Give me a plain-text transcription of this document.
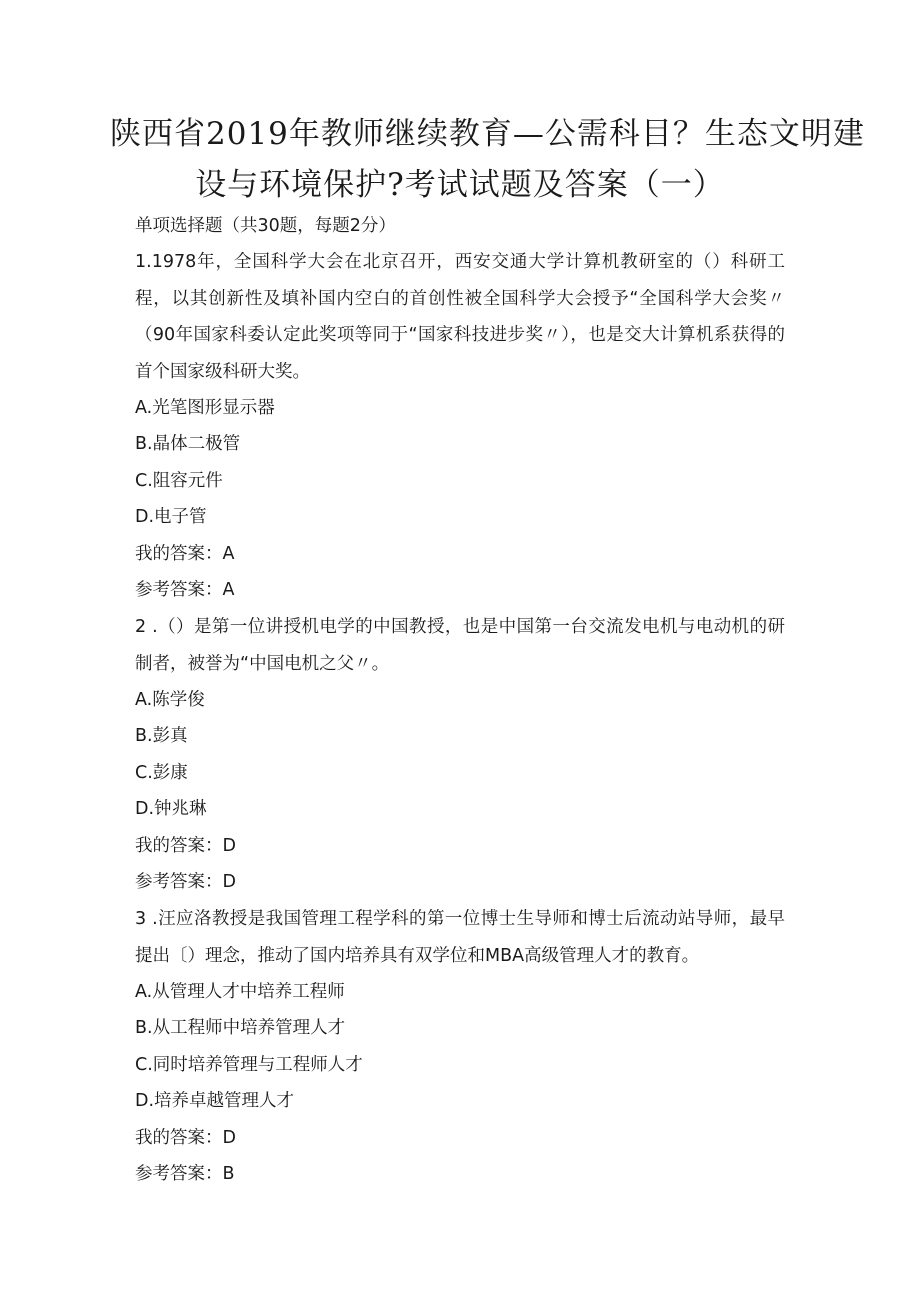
陕西省2019年教师继续教育—公需科目？生态文明建
设与环境保护?考试试题及答案（一）
单项选择题（共30题，每题2分）
1.1978年，全国科学大会在北京召开，西安交通大学计算机教研室的（）科研工程，以其创新性及填补国内空白的首创性被全国科学大会授予“全国科学大会奖〃（90年国家科委认定此奖项等同于“国家科技进步奖〃），也是交大计算机系获得的首个国家级科研大奖。
A.光笔图形显示器
B.晶体二极管
C.阻容元件
D.电子管
我的答案：A
参考答案：A
2 .（）是第一位讲授机电学的中国教授，也是中国第一台交流发电机与电动机的研制者，被誉为“中国电机之父〃。
A.陈学俊
B.彭真
C.彭康
D.钟兆琳
我的答案：D
参考答案：D
3 .汪应洛教授是我国管理工程学科的第一位博士生导师和博士后流动站导师，最早提出〔）理念，推动了国内培养具有双学位和MBA高级管理人才的教育。
A.从管理人才中培养工程师
B.从工程师中培养管理人才
C.同时培养管理与工程师人才
D.培养卓越管理人才
我的答案：D
参考答案：B
